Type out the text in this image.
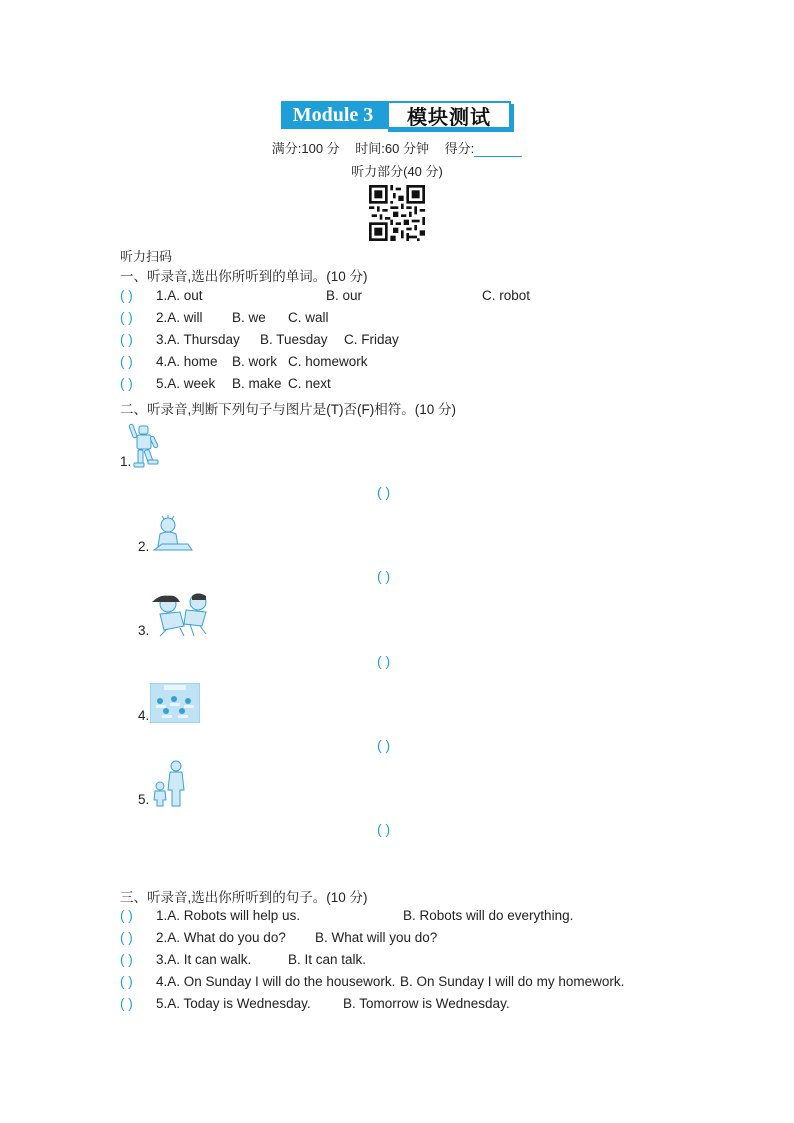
Module 3	模块测试
满分:100 分 时间:60 分钟 得分:
听力部分(40 分)
听力扫码
一、听录音,选出你所听到的单词。(10 分)
( ) 1.A. out	B. our	C. robot
( ) 2.A. will B. we C. wall
( ) 3.A. Thursday B. Tuesday C. Friday
( ) 4.A. home B. work C. homework
( ) 5.A. week B. make C. next
二、听录音,判断下列句子与图片是(T)否(F)相符。(10 分)
1.
( )
2.
( )
3.
( )
4.
( )
5.
( )
三、听录音,选出你所听到的句子。(10 分)
( ) 1.A. Robots will help us.	B. Robots will do everything.
( ) 2.A. What do you do? B. What will you do?
( ) 3.A. It can walk.	B. It can talk.
( ) 4.A. On Sunday I will do the housework. B. On Sunday I will do my homework.
( ) 5.A. Today is Wednesday. B. Tomorrow is Wednesday.
